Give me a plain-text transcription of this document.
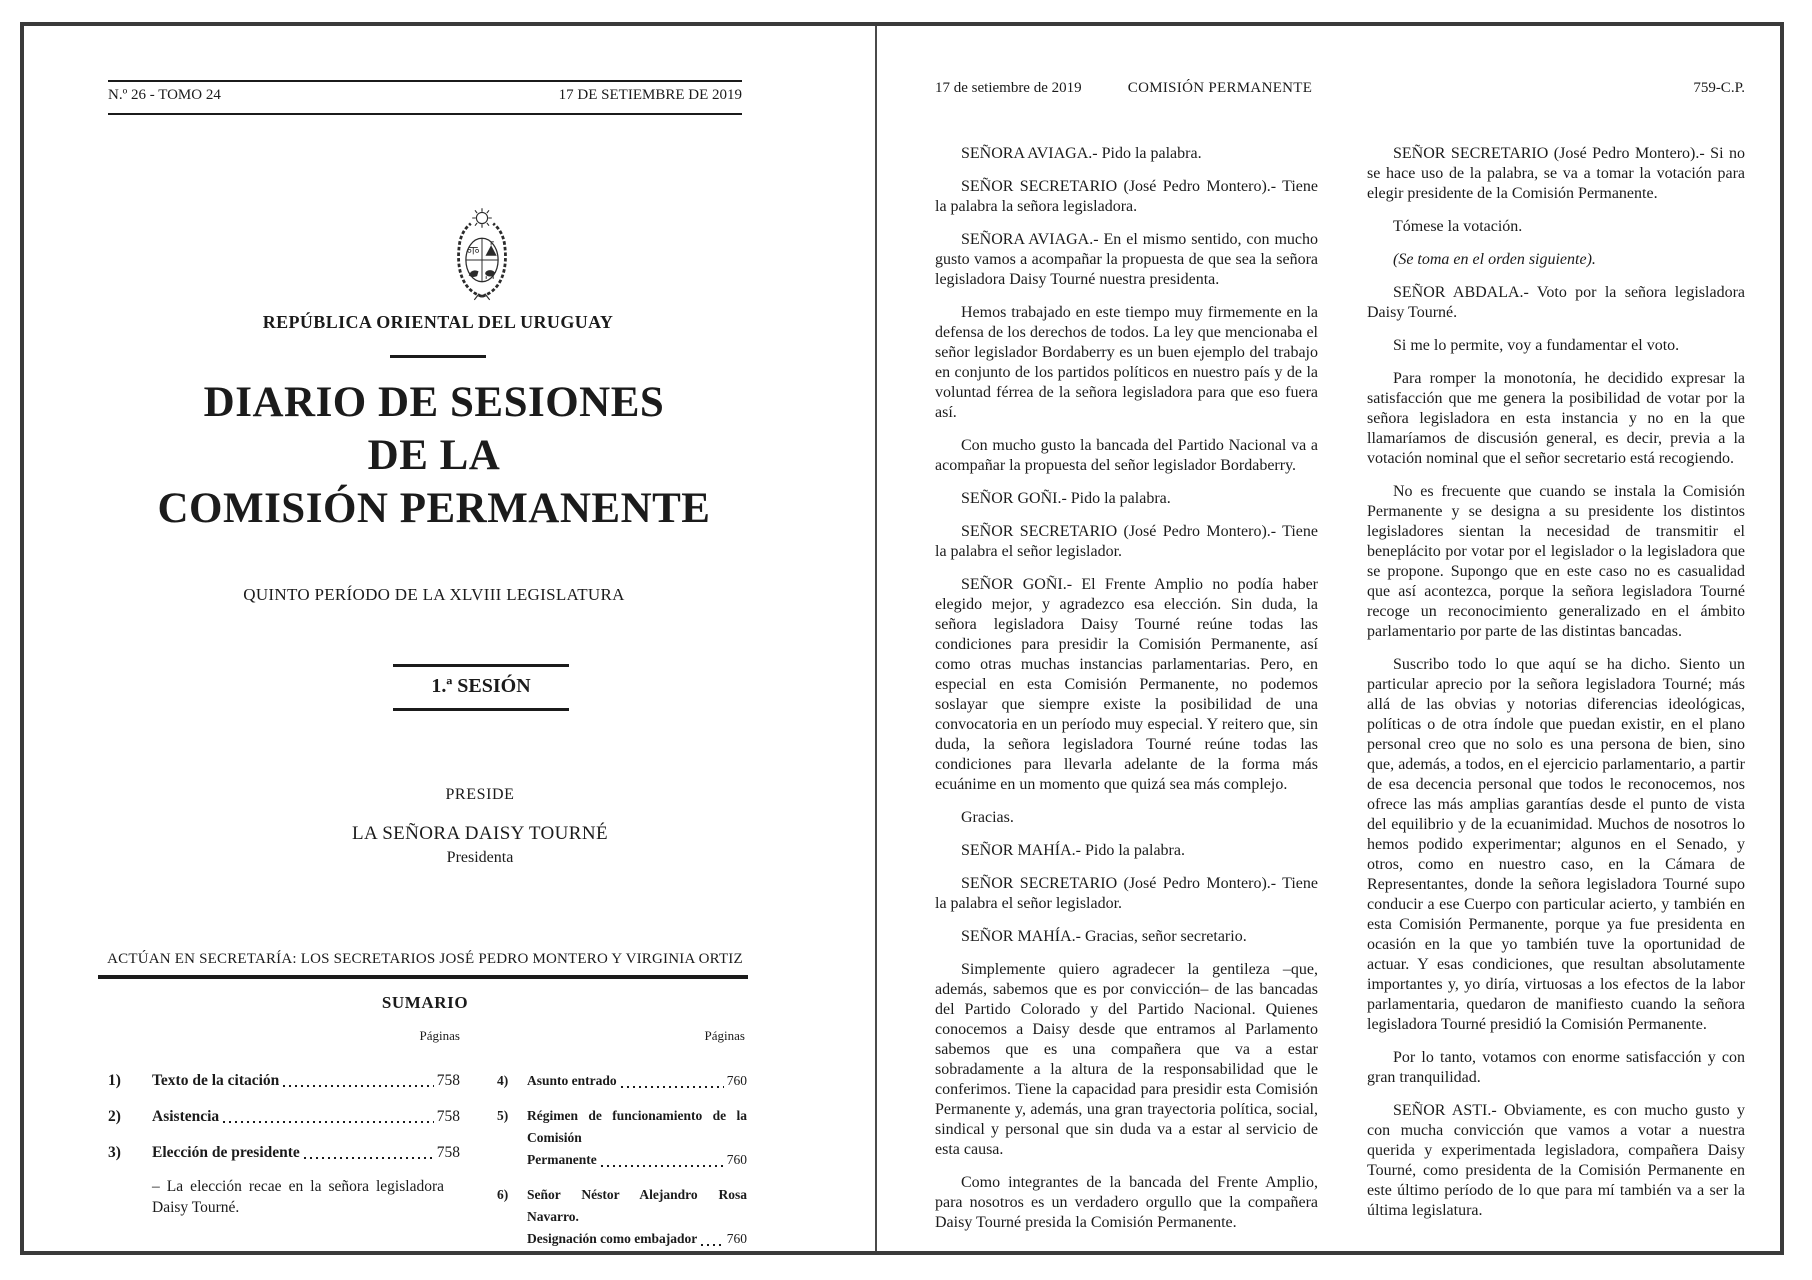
N.º 26 - TOMO 24	17 DE SETIEMBRE DE 2019
REPÚBLICA ORIENTAL DEL URUGUAY
DIARIO DE SESIONES
DE LA
COMISIÓN PERMANENTE
QUINTO PERÍODO DE LA XLVIII LEGISLATURA
1.ª SESIÓN
PRESIDE
LA SEÑORA DAISY TOURNÉ
Presidenta
ACTÚAN EN SECRETARÍA: LOS SECRETARIOS JOSÉ PEDRO MONTERO Y VIRGINIA ORTIZ
SUMARIO
Páginas	Páginas
1)	Texto de la citación	758
2)	Asistencia	758
3)	Elección de presidente	758
– La elección recae en la señora legisladora Daisy Tourné.
4)	Asunto entrado	760
5)	Régimen de funcionamiento de la Comisión
Permanente	760
6)	Señor Néstor Alejandro Rosa Navarro.
Designación como embajador 760
17 de setiembre de 2019	COMISIÓN PERMANENTE	759-C.P.

SEÑORA AVIAGA.- Pido la palabra.

SEÑOR SECRETARIO (José Pedro Montero).- Tiene la palabra la señora legisladora.

SEÑORA AVIAGA.- En el mismo sentido, con mucho gusto vamos a acompañar la propuesta de que sea la señora legisladora Daisy Tourné nuestra presidenta.

Hemos trabajado en este tiempo muy firmemente en la defensa de los derechos de todos. La ley que mencionaba el señor legislador Bordaberry es un buen ejemplo del trabajo en conjunto de los partidos políticos en nuestro país y de la voluntad férrea de la señora legisladora para que eso fuera así.

Con mucho gusto la bancada del Partido Nacional va a acompañar la propuesta del señor legislador Bordaberry.

SEÑOR GOÑI.- Pido la palabra.

SEÑOR SECRETARIO (José Pedro Montero).- Tiene la palabra el señor legislador.

SEÑOR GOÑI.- El Frente Amplio no podía haber elegido mejor, y agradezco esa elección. Sin duda, la señora legisladora Daisy Tourné reúne todas las condiciones para presidir la Comisión Permanente, así como otras muchas instancias parlamentarias. Pero, en especial en esta Comisión Permanente, no podemos soslayar que siempre existe la posibilidad de una convocatoria en un período muy especial. Y reitero que, sin duda, la señora legisladora Tourné reúne todas las condiciones para llevarla adelante de la forma más ecuánime en un momento que quizá sea más complejo.

Gracias.

SEÑOR MAHÍA.- Pido la palabra.

SEÑOR SECRETARIO (José Pedro Montero).- Tiene la palabra el señor legislador.

SEÑOR MAHÍA.- Gracias, señor secretario.

Simplemente quiero agradecer la gentileza –que, además, sabemos que es por convicción– de las bancadas del Partido Colorado y del Partido Nacional. Quienes conocemos a Daisy desde que entramos al Parlamento sabemos que es una compañera que va a estar sobradamente a la altura de la responsabilidad que le conferimos. Tiene la capacidad para presidir esta Comisión Permanente y, además, una gran trayectoria política, social, sindical y personal que sin duda va a estar al servicio de esta causa.

Como integrantes de la bancada del Frente Amplio, para nosotros es un verdadero orgullo que la compañera Daisy Tourné presida la Comisión Permanente.

SEÑOR SECRETARIO (José Pedro Montero).- Si no se hace uso de la palabra, se va a tomar la votación para elegir presidente de la Comisión Permanente.

Tómese la votación.

(Se toma en el orden siguiente).

SEÑOR ABDALA.- Voto por la señora legisladora Daisy Tourné.

Si me lo permite, voy a fundamentar el voto.

Para romper la monotonía, he decidido expresar la satisfacción que me genera la posibilidad de votar por la señora legisladora en esta instancia y no en la que llamaríamos de discusión general, es decir, previa a la votación nominal que el señor secretario está recogiendo.

No es frecuente que cuando se instala la Comisión Permanente y se designa a su presidente los distintos legisladores sientan la necesidad de transmitir el beneplácito por votar por el legislador o la legisladora que se propone. Supongo que en este caso no es casualidad que así acontezca, porque la señora legisladora Tourné recoge un reconocimiento generalizado en el ámbito parlamentario por parte de las distintas bancadas.

Suscribo todo lo que aquí se ha dicho. Siento un particular aprecio por la señora legisladora Tourné; más allá de las obvias y notorias diferencias ideológicas, políticas o de otra índole que puedan existir, en el plano personal creo que no solo es una persona de bien, sino que, además, a todos, en el ejercicio parlamentario, a partir de esa decencia personal que todos le reconocemos, nos ofrece las más amplias garantías desde el punto de vista del equilibrio y de la ecuanimidad. Muchos de nosotros lo hemos podido experimentar; algunos en el Senado, y otros, como en nuestro caso, en la Cámara de Representantes, donde la señora legisladora Tourné supo conducir a ese Cuerpo con particular acierto, y también en esta Comisión Permanente, porque ya fue presidenta en ocasión en la que yo también tuve la oportunidad de actuar. Y esas condiciones, que resultan absolutamente importantes y, yo diría, virtuosas a los efectos de la labor parlamentaria, quedaron de manifiesto cuando la señora legisladora Tourné presidió la Comisión Permanente.

Por lo tanto, votamos con enorme satisfacción y con gran tranquilidad.

SEÑOR ASTI.- Obviamente, es con mucho gusto y con mucha convicción que vamos a votar a nuestra querida y experimentada legisladora, compañera Daisy Tourné, como presidenta de la Comisión Permanente en este último período de lo que para mí también va a ser la última legislatura.
